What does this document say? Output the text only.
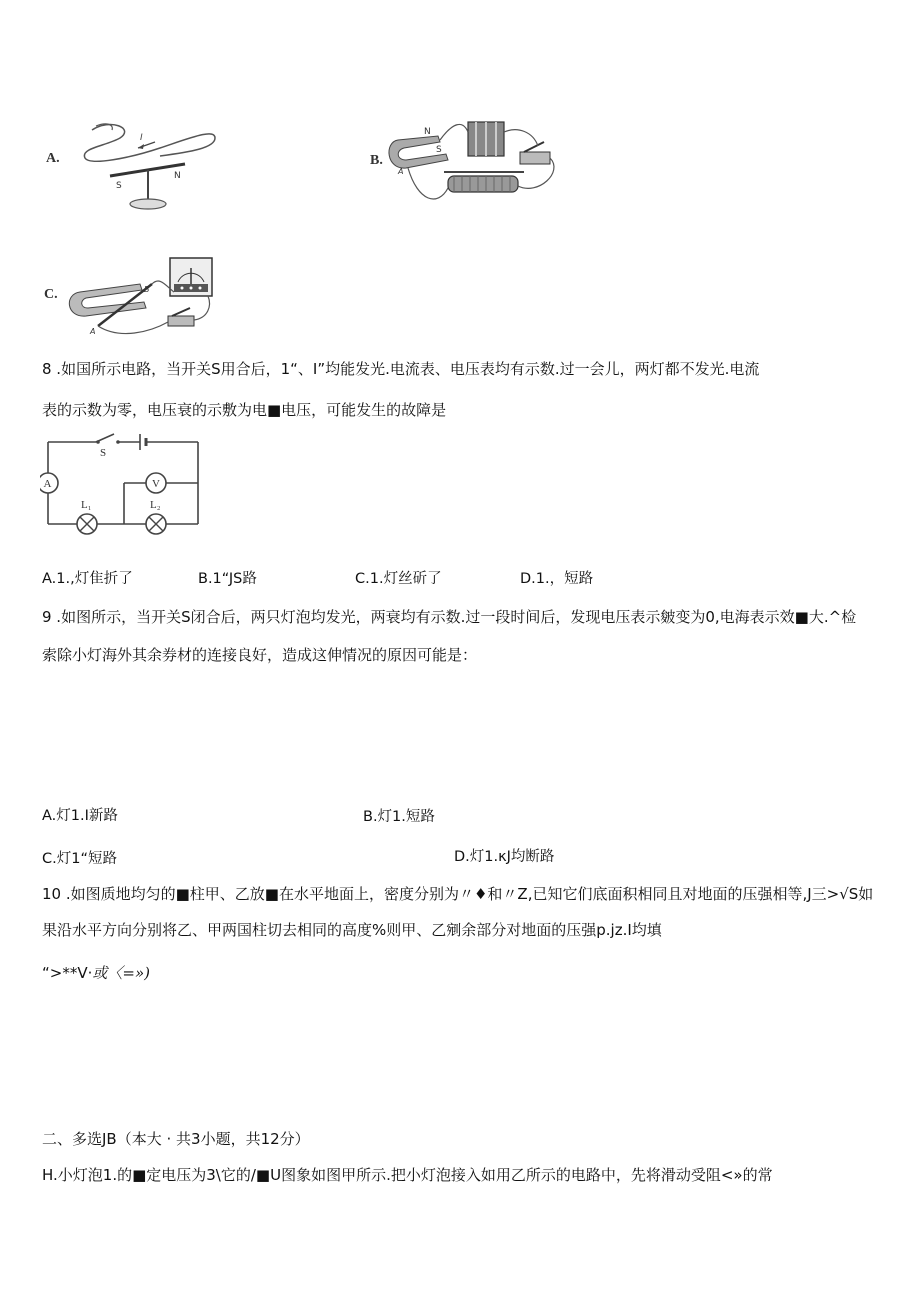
A.
I
S
N
B.
N
S
A
C.	B
A
8 .如国所示电路，当开关S用合后，1“、I”均能发光.电流表、电压表均有示数.过一会儿，两灯都不发光.电流
表的示数为零，电压衰的示敷为电■电压，可能发生的故障是
S
A	V
L₁	L₂
A.1.,灯隹折了	B.1“JS路	C.1.灯丝斫了	D.1.，短路
9 .如图所示，当开关S闭合后，两只灯泡均发光，两衰均有示数.过一段时间后，发现电压表示皴变为0,电海表示效■大.^检
索除小灯海外其余券材的连接良好，造成这伸情况的原因可能是：
A.灯1.I新路	B.灯1.短路
C.灯1“短路	D.灯1.κJ均断路
10 .如图质地均匀的■柱甲、乙放■在水平地面上，密度分别为〃♦和〃Z,已知它们底面积相同且对地面的压强相等,J三>√S如
果沿水平方向分别将乙、甲两国柱切去相同的高度%则甲、乙剜余部分对地面的压强p.jz.I均填
“>**V·或〈=»)
二、多选JB（本大 · 共3小题，共12分）
H.小灯泡1.的■定电压为3\它的/■U图象如图甲所示.把小灯泡接入如用乙所示的电路中，先将滑动受阻<»的常
